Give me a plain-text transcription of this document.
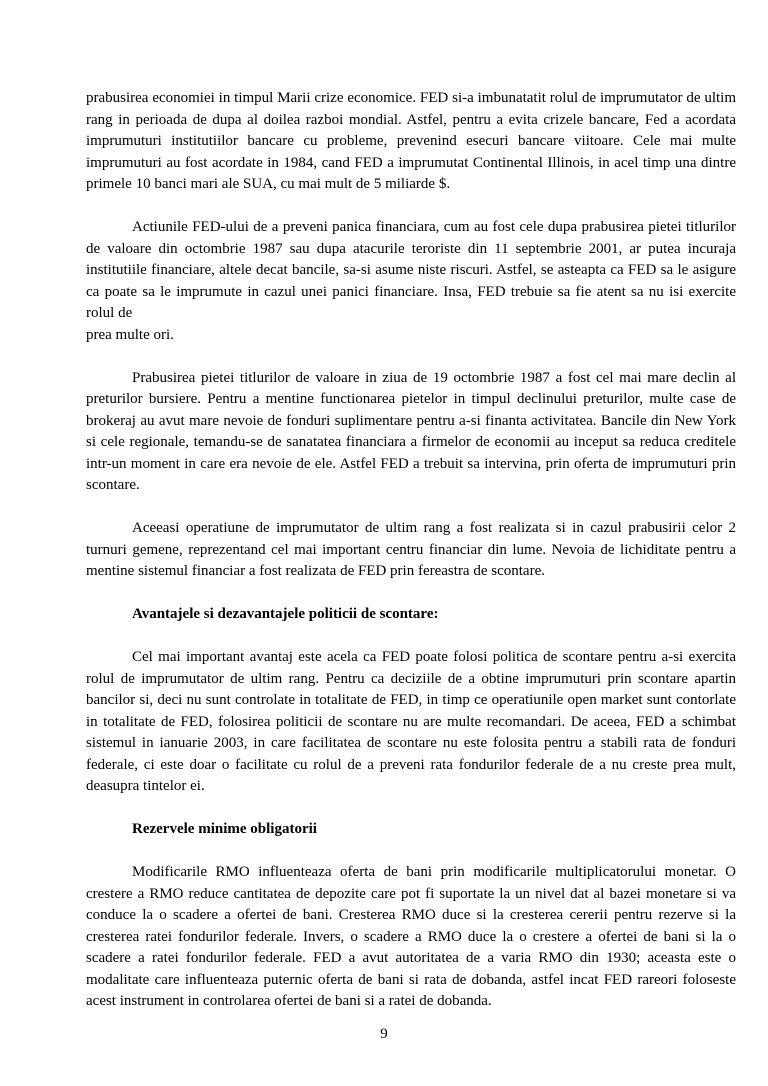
prabusirea economiei in timpul Marii crize economice. FED si-a imbunatatit rolul de imprumutator de ultim rang in perioada de dupa al doilea razboi mondial. Astfel, pentru a evita crizele bancare, Fed a acordata imprumuturi institutiilor bancare cu probleme, prevenind esecuri bancare viitoare. Cele mai multe imprumuturi au fost acordate in 1984, cand FED a imprumutat Continental Illinois, in acel timp una dintre primele 10 banci mari ale SUA, cu mai mult de 5 miliarde $.

Actiunile FED-ului de a preveni panica financiara, cum au fost cele dupa prabusirea pietei titlurilor de valoare din octombrie 1987 sau dupa atacurile teroriste din 11 septembrie 2001, ar putea incuraja institutiile financiare, altele decat bancile, sa-si asume niste riscuri. Astfel, se asteapta ca FED sa le asigure ca poate sa le imprumute in cazul unei panici financiare. Insa, FED trebuie sa fie atent sa nu isi exercite rolul de

prea multe ori.

Prabusirea pietei titlurilor de valoare in ziua de 19 octombrie 1987 a fost cel mai mare declin al preturilor bursiere. Pentru a mentine functionarea pietelor in timpul declinului preturilor, multe case de brokeraj au avut mare nevoie de fonduri suplimentare pentru a-si finanta activitatea. Bancile din New York si cele regionale, temandu-se de sanatatea financiara a firmelor de economii au inceput sa reduca creditele intr-un moment in care era nevoie de ele. Astfel FED a trebuit sa intervina, prin oferta de imprumuturi prin scontare.

Aceeasi operatiune de imprumutator de ultim rang a fost realizata si in cazul prabusirii celor 2 turnuri gemene, reprezentand cel mai important centru financiar din lume. Nevoia de lichiditate pentru a mentine sistemul financiar a fost realizata de FED prin fereastra de scontare.

Avantajele si dezavantajele politicii de scontare:

Cel mai important avantaj este acela ca FED poate folosi politica de scontare pentru a-si exercita rolul de imprumutator de ultim rang. Pentru ca deciziile de a obtine imprumuturi prin scontare apartin bancilor si, deci nu sunt controlate in totalitate de FED, in timp ce operatiunile open market sunt contorlate in totalitate de FED, folosirea politicii de scontare nu are multe recomandari. De aceea, FED a schimbat sistemul in ianuarie 2003, in care facilitatea de scontare nu este folosita pentru a stabili rata de fonduri federale, ci este doar o facilitate cu rolul de a preveni rata fondurilor federale de a nu creste prea mult, deasupra tintelor ei.

Rezervele minime obligatorii

Modificarile RMO influenteaza oferta de bani prin modificarile multiplicatorului monetar. O crestere a RMO reduce cantitatea de depozite care pot fi suportate la un nivel dat al bazei monetare si va conduce la o scadere a ofertei de bani. Cresterea RMO duce si la cresterea cererii pentru rezerve si la cresterea ratei fondurilor federale. Invers, o scadere a RMO duce la o crestere a ofertei de bani si la o scadere a ratei fondurilor federale. FED a avut autoritatea de a varia RMO din 1930; aceasta este o modalitate care influenteaza puternic oferta de bani si rata de dobanda, astfel incat FED rareori foloseste acest instrument in controlarea ofertei de bani si a ratei de dobanda.

9
